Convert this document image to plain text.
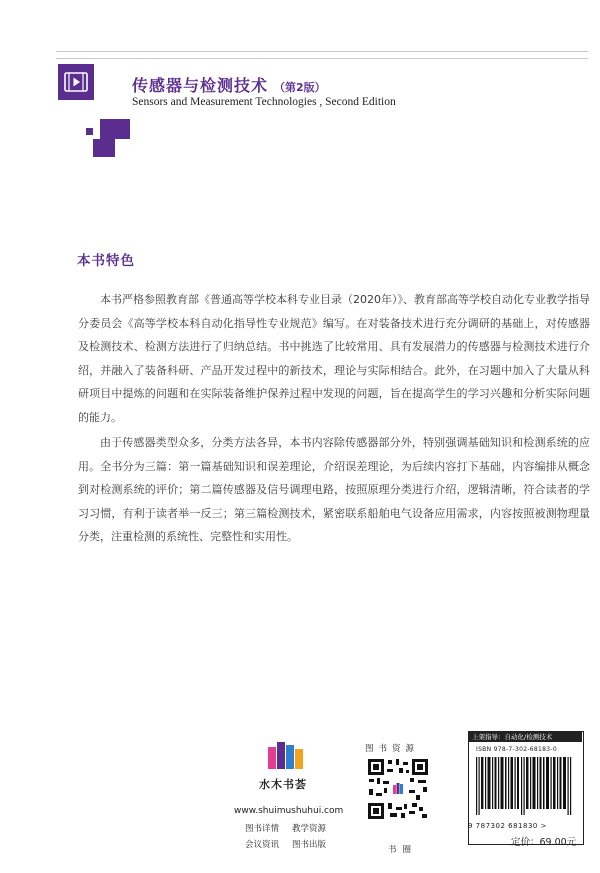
传感器与检测技术 （第2版）
Sensors and Measurement Technologies , Second Edition
本书特色

本书严格参照教育部《普通高等学校本科专业目录（2020年）》、教育部高等学校自动化专业教学指导分委员会《高等学校本科自动化指导性专业规范》编写。在对装备技术进行充分调研的基础上，对传感器及检测技术、检测方法进行了归纳总结。书中挑选了比较常用、具有发展潜力的传感器与检测技术进行介绍，并融入了装备科研、产品开发过程中的新技术，理论与实际相结合。此外，在习题中加入了大量从科研项目中提炼的问题和在实际装备维护保养过程中发现的问题，旨在提高学生的学习兴趣和分析实际问题的能力。

由于传感器类型众多，分类方法各异，本书内容除传感器部分外，特别强调基础知识和检测系统的应用。全书分为三篇：第一篇基础知识和误差理论，介绍误差理论，为后续内容打下基础，内容编排从概念到对检测系统的评价；第二篇传感器及信号调理电路，按照原理分类进行介绍，逻辑清晰，符合读者的学习习惯，有利于读者举一反三；第三篇检测技术，紧密联系船舶电气设备应用需求，内容按照被测物理量分类，注重检测的系统性、完整性和实用性。

水木书荟
www.shuimushuhui.com
图书详情 教学资源
会议资讯 图书出版
图书资源
书圈
上架指导：自动化/检测技术
ISBN 978-7-302-68183-0
9 787302 681830 >
定价：69.00元
